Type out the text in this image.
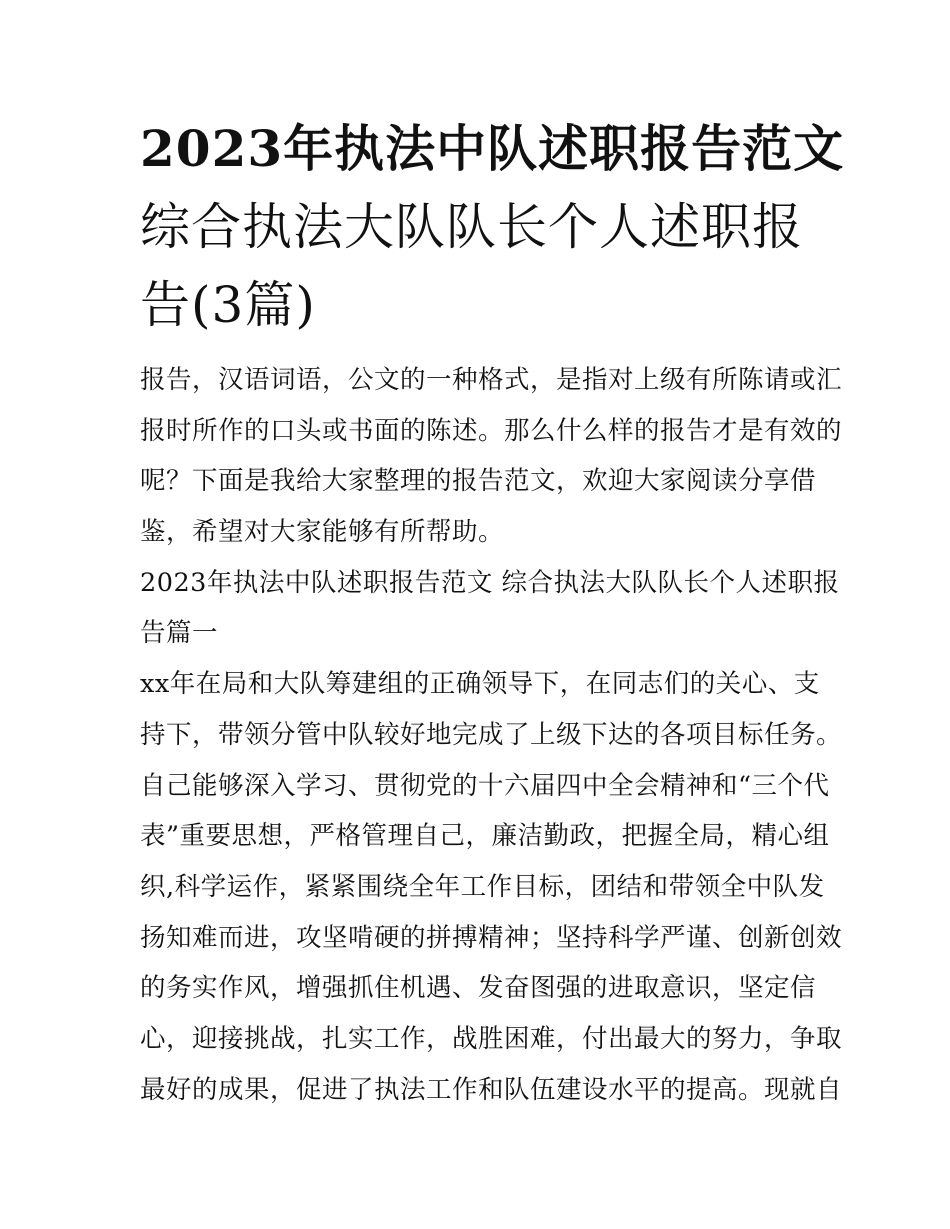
2023年执法中队述职报告范文
综合执法大队队长个人述职报
告(3篇)
报告，汉语词语，公文的一种格式，是指对上级有所陈请或汇
报时所作的口头或书面的陈述。那么什么样的报告才是有效的
呢？下面是我给大家整理的报告范文，欢迎大家阅读分享借
鉴，希望对大家能够有所帮助。
2023年执法中队述职报告范文 综合执法大队队长个人述职报
告篇一
xx年在局和大队筹建组的正确领导下，在同志们的关心、支
持下，带领分管中队较好地完成了上级下达的各项目标任务。
自己能够深入学习、贯彻党的十六届四中全会精神和“三个代
表”重要思想，严格管理自己，廉洁勤政，把握全局，精心组
织,科学运作，紧紧围绕全年工作目标，团结和带领全中队发
扬知难而进，攻坚啃硬的拼搏精神；坚持科学严谨、创新创效
的务实作风，增强抓住机遇、发奋图强的进取意识，坚定信
心，迎接挑战，扎实工作，战胜困难，付出最大的努力，争取
最好的成果，促进了执法工作和队伍建设水平的提高。现就自
